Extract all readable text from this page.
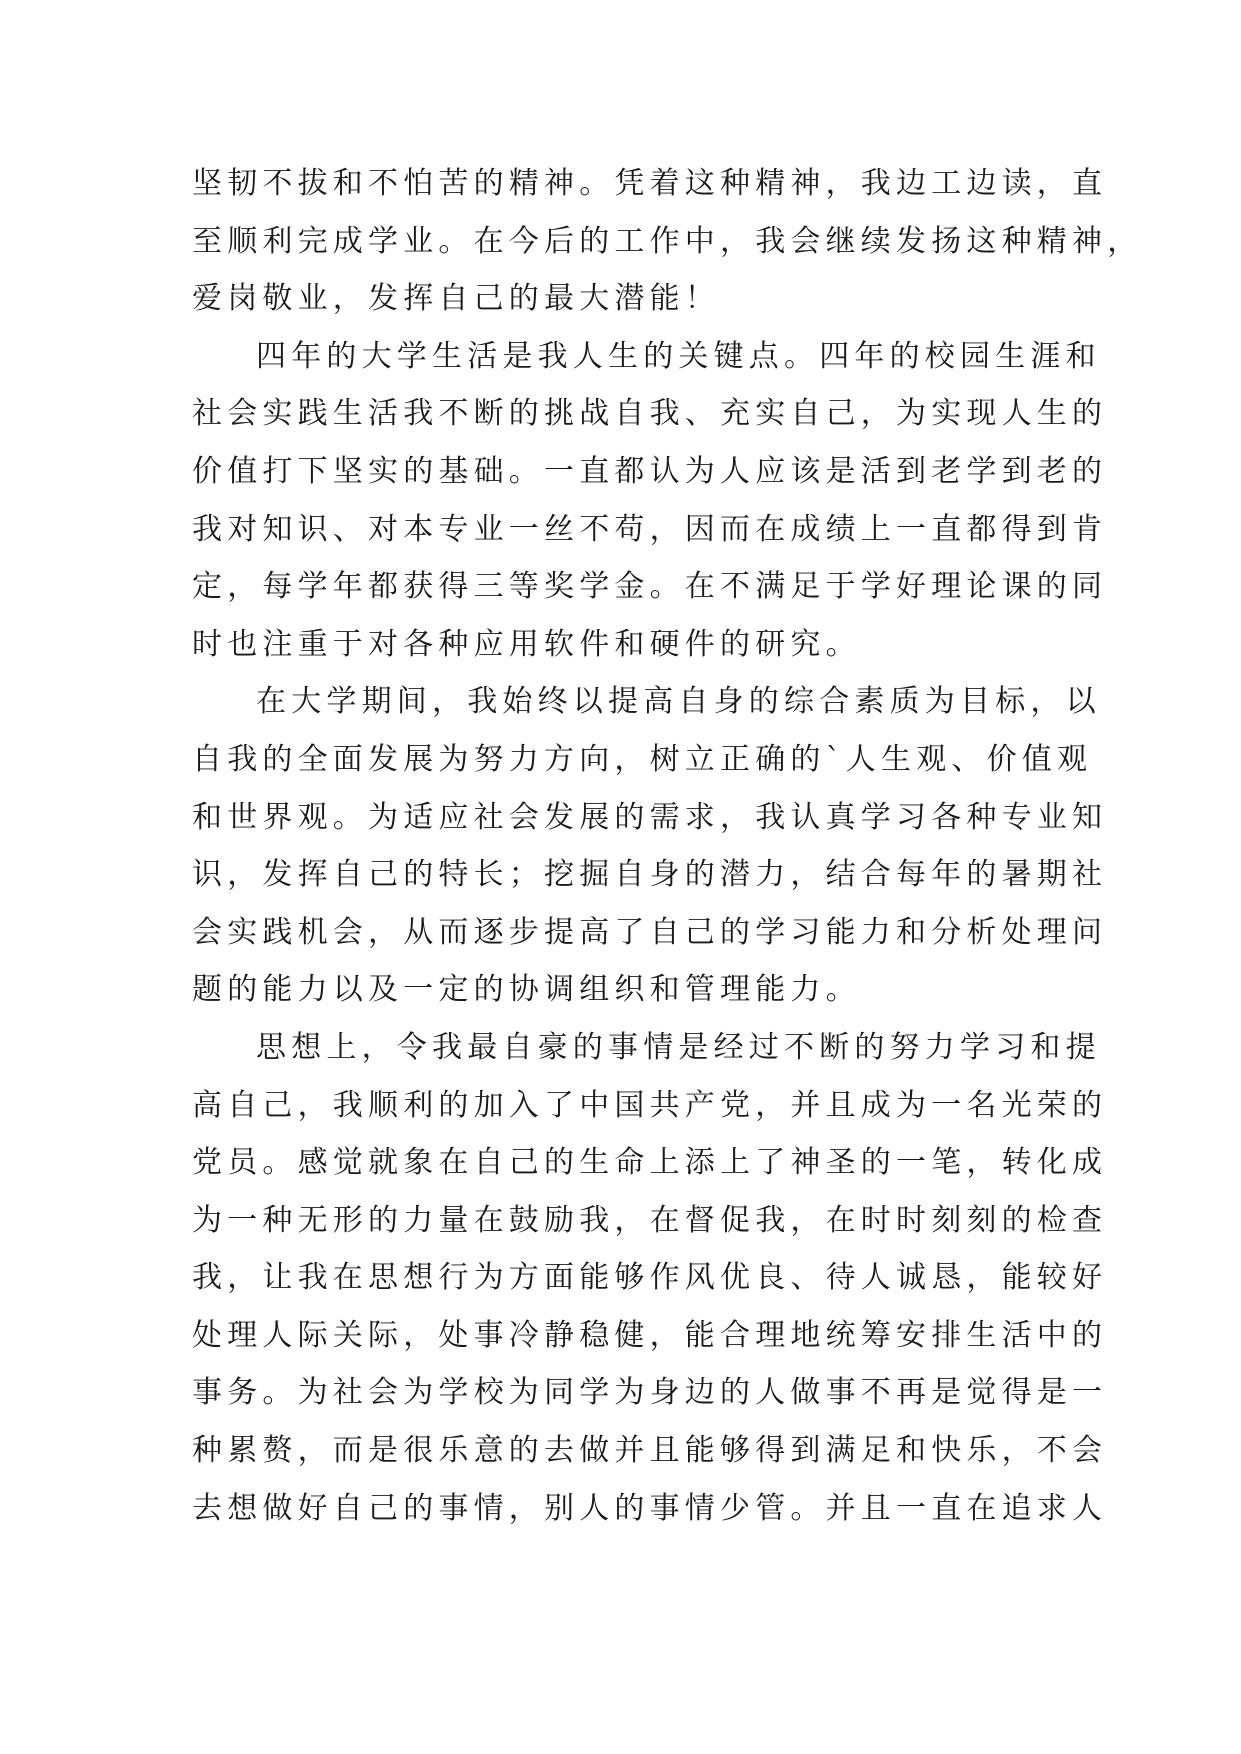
坚韧不拔和不怕苦的精神。凭着这种精神，我边工边读，直
至顺利完成学业。在今后的工作中，我会继续发扬这种精神，
爱岗敬业，发挥自己的最大潜能！
四年的大学生活是我人生的关键点。四年的校园生涯和
社会实践生活我不断的挑战自我、充实自己，为实现人生的
价值打下坚实的基础。一直都认为人应该是活到老学到老的
我对知识、对本专业一丝不苟，因而在成绩上一直都得到肯
定，每学年都获得三等奖学金。在不满足于学好理论课的同
时也注重于对各种应用软件和硬件的研究。
在大学期间，我始终以提高自身的综合素质为目标，以
自我的全面发展为努力方向，树立正确的`人生观、价值观
和世界观。为适应社会发展的需求，我认真学习各种专业知
识，发挥自己的特长；挖掘自身的潜力，结合每年的暑期社
会实践机会，从而逐步提高了自己的学习能力和分析处理问
题的能力以及一定的协调组织和管理能力。
思想上，令我最自豪的事情是经过不断的努力学习和提
高自己，我顺利的加入了中国共产党，并且成为一名光荣的
党员。感觉就象在自己的生命上添上了神圣的一笔，转化成
为一种无形的力量在鼓励我，在督促我，在时时刻刻的检查
我，让我在思想行为方面能够作风优良、待人诚恳，能较好
处理人际关际，处事冷静稳健，能合理地统筹安排生活中的
事务。为社会为学校为同学为身边的人做事不再是觉得是一
种累赘，而是很乐意的去做并且能够得到满足和快乐，不会
去想做好自己的事情，别人的事情少管。并且一直在追求人
